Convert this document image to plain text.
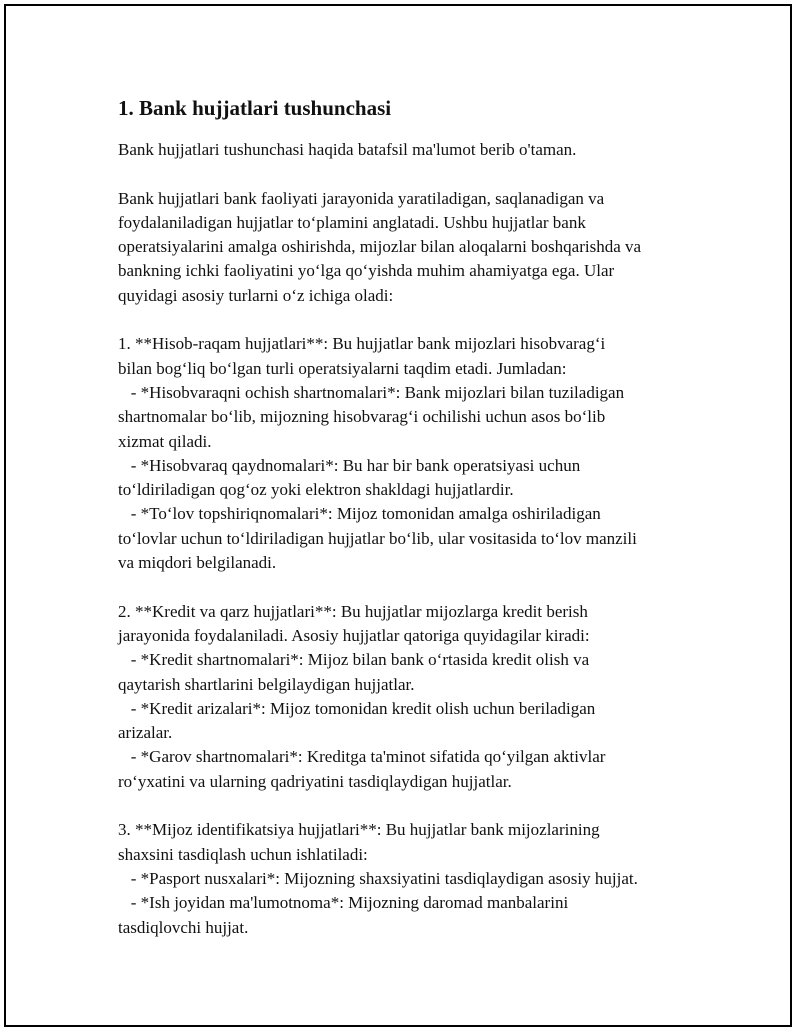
1. Bank hujjatlari tushunchasi

Bank hujjatlari tushunchasi haqida batafsil ma'lumot berib o'taman.

Bank hujjatlari bank faoliyati jarayonida yaratiladigan, saqlanadigan va

foydalaniladigan hujjatlar to‘plamini anglatadi. Ushbu hujjatlar bank

operatsiyalarini amalga oshirishda, mijozlar bilan aloqalarni boshqarishda va

bankning ichki faoliyatini yo‘lga qo‘yishda muhim ahamiyatga ega. Ular

quyidagi asosiy turlarni o‘z ichiga oladi:

1. **Hisob-raqam hujjatlari**: Bu hujjatlar bank mijozlari hisobvarag‘i

bilan bog‘liq bo‘lgan turli operatsiyalarni taqdim etadi. Jumladan:

- *Hisobvaraqni ochish shartnomalari*: Bank mijozlari bilan tuziladigan

shartnomalar bo‘lib, mijozning hisobvarag‘i ochilishi uchun asos bo‘lib

xizmat qiladi.

- *Hisobvaraq qaydnomalari*: Bu har bir bank operatsiyasi uchun

to‘ldiriladigan qog‘oz yoki elektron shakldagi hujjatlardir.

- *To‘lov topshiriqnomalari*: Mijoz tomonidan amalga oshiriladigan

to‘lovlar uchun to‘ldiriladigan hujjatlar bo‘lib, ular vositasida to‘lov manzili

va miqdori belgilanadi.

2. **Kredit va qarz hujjatlari**: Bu hujjatlar mijozlarga kredit berish

jarayonida foydalaniladi. Asosiy hujjatlar qatoriga quyidagilar kiradi:

- *Kredit shartnomalari*: Mijoz bilan bank o‘rtasida kredit olish va

qaytarish shartlarini belgilaydigan hujjatlar.

- *Kredit arizalari*: Mijoz tomonidan kredit olish uchun beriladigan

arizalar.

- *Garov shartnomalari*: Kreditga ta'minot sifatida qo‘yilgan aktivlar

ro‘yxatini va ularning qadriyatini tasdiqlaydigan hujjatlar.

3. **Mijoz identifikatsiya hujjatlari**: Bu hujjatlar bank mijozlarining

shaxsini tasdiqlash uchun ishlatiladi:

- *Pasport nusxalari*: Mijozning shaxsiyatini tasdiqlaydigan asosiy hujjat.

- *Ish joyidan ma'lumotnoma*: Mijozning daromad manbalarini

tasdiqlovchi hujjat.
